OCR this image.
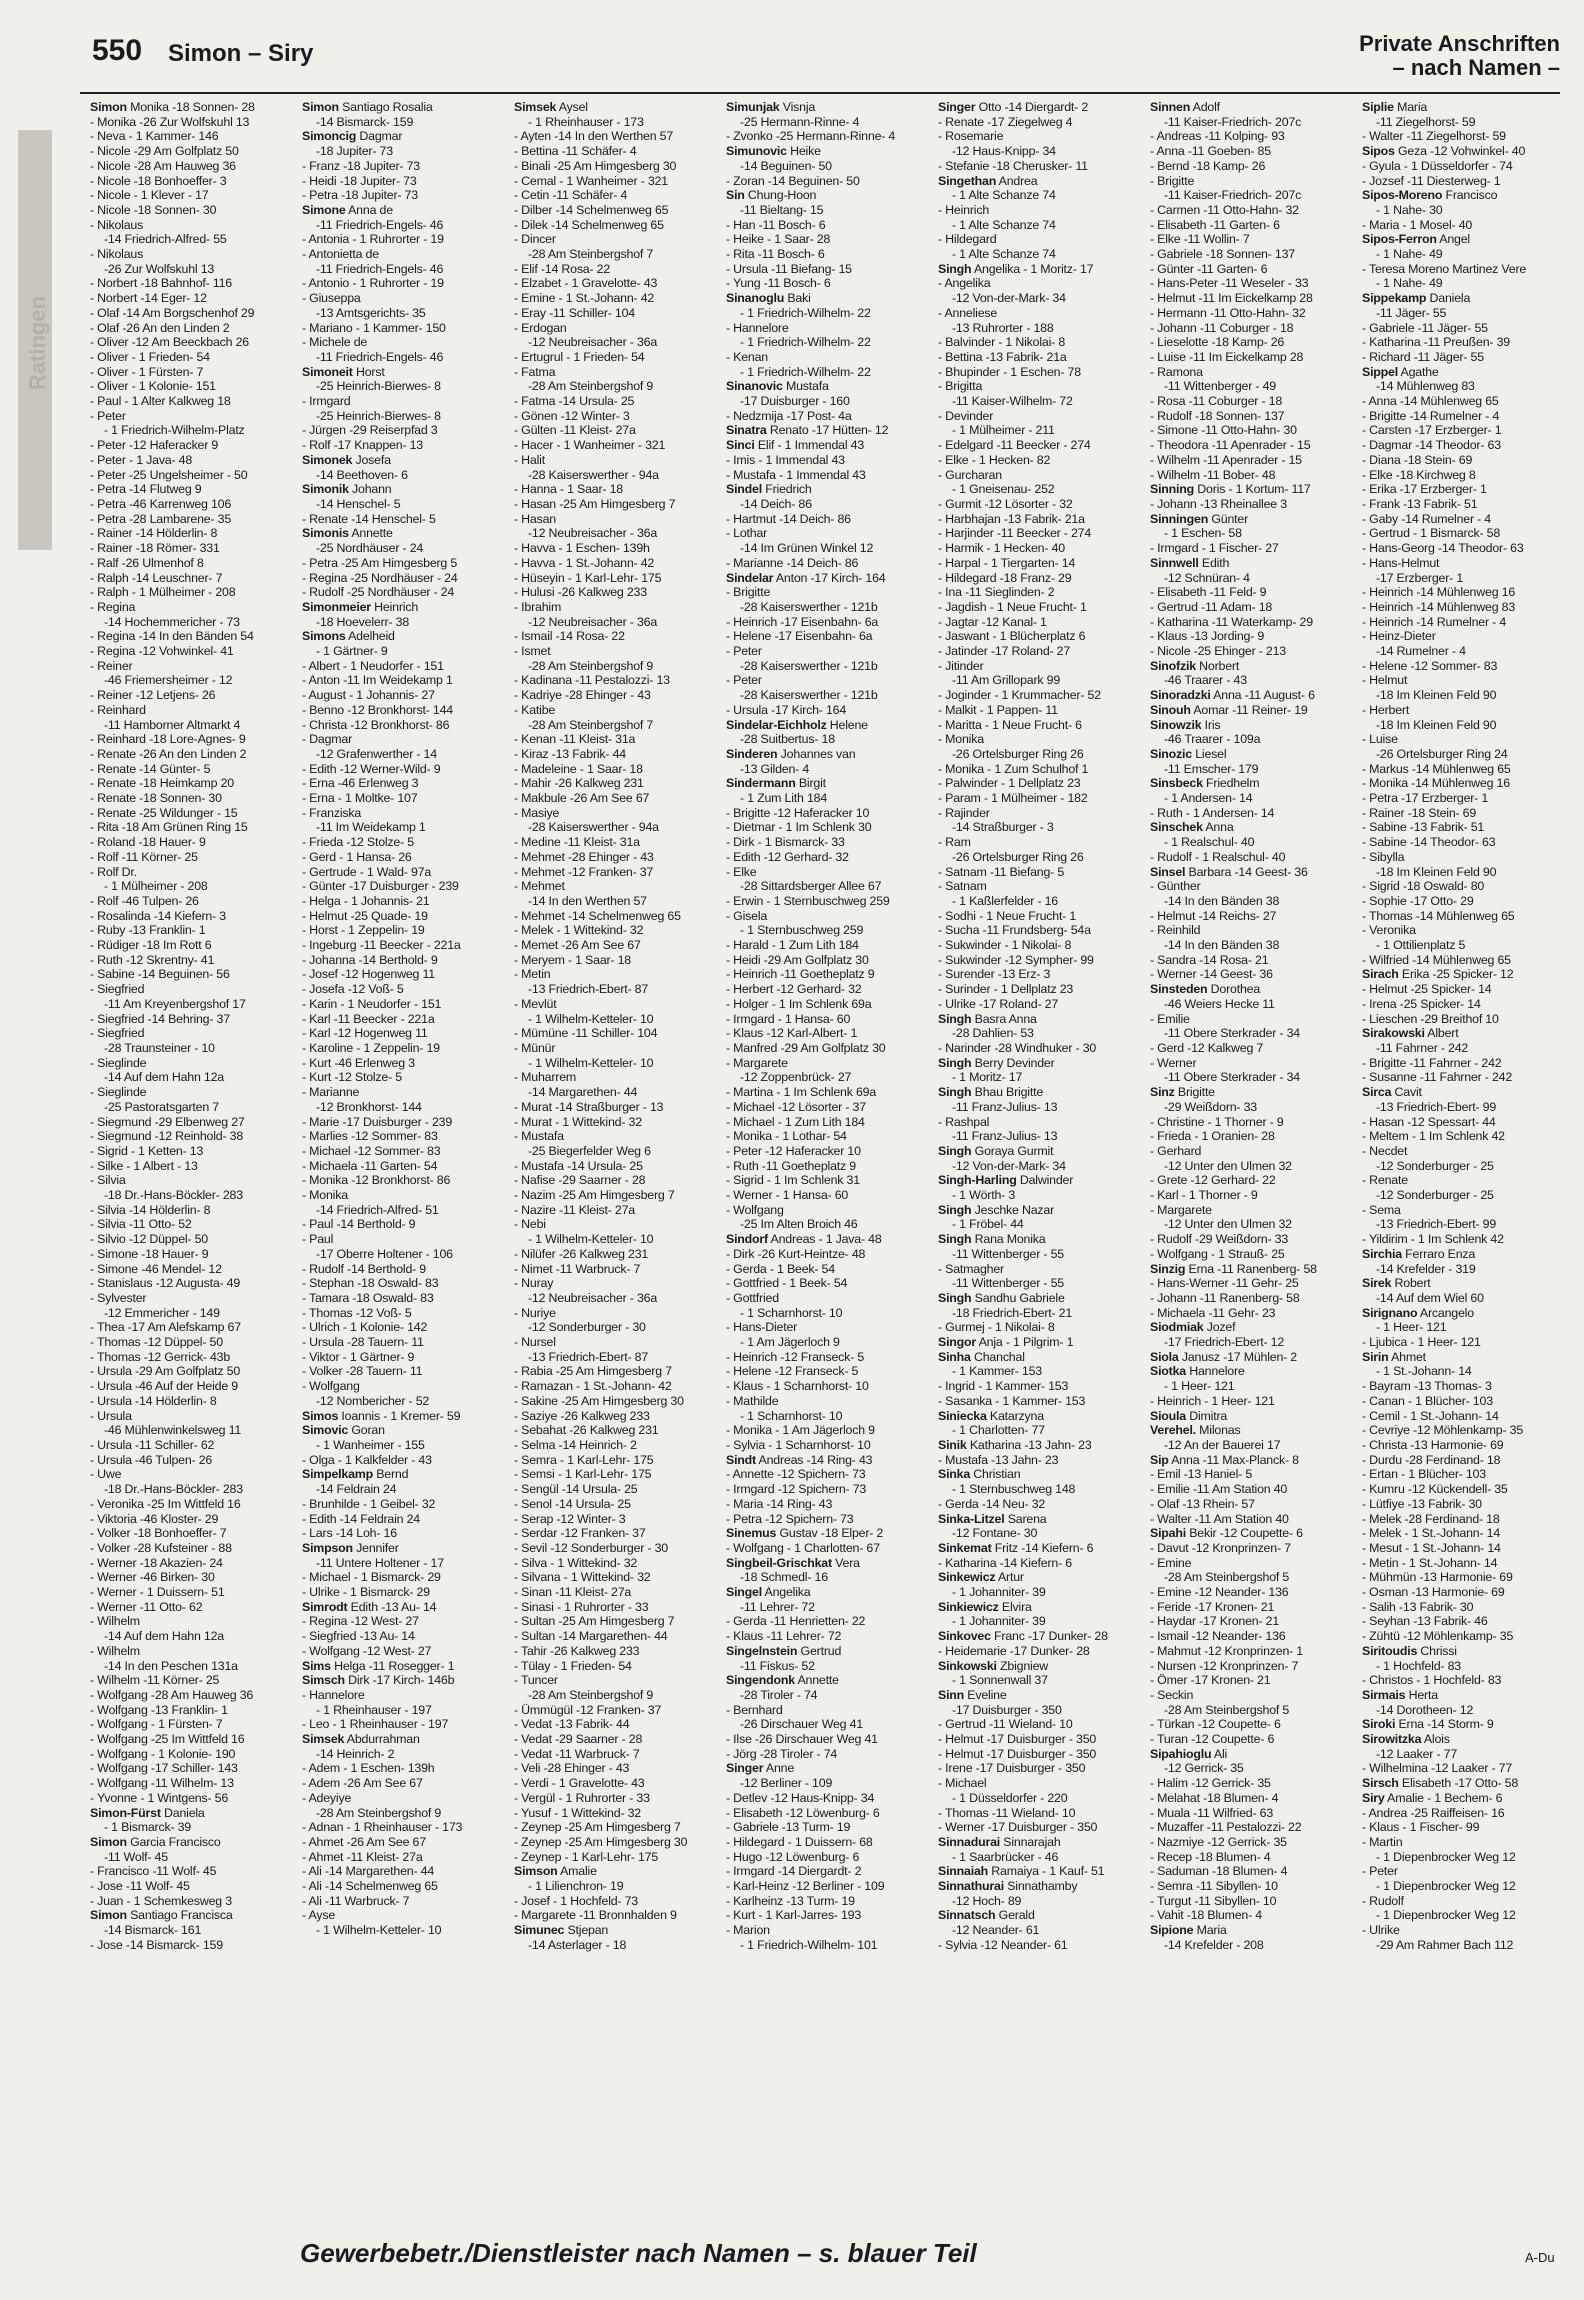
550 Simon – Siry	Private Anschriften
– nach Namen –
Ratingen
Simon Monika -18 Sonnen- 28
- Monika -26 Zur Wolfskuhl 13
- Neva - 1 Kammer- 146
- Nicole -29 Am Golfplatz 50
- Nicole -28 Am Hauweg 36
- Nicole -18 Bonhoeffer- 3
- Nicole - 1 Klever - 17
- Nicole -18 Sonnen- 30
- Nikolaus
-14 Friedrich-Alfred- 55
- Nikolaus
-26 Zur Wolfskuhl 13
- Norbert -18 Bahnhof- 116
- Norbert -14 Eger- 12
- Olaf -14 Am Borgschenhof 29
- Olaf -26 An den Linden 2
- Oliver -12 Am Beeckbach 26
- Oliver - 1 Frieden- 54
- Oliver - 1 Fürsten- 7
- Oliver - 1 Kolonie- 151
- Paul - 1 Alter Kalkweg 18
- Peter
- 1 Friedrich-Wilhelm-Platz
- Peter -12 Haferacker 9
- Peter - 1 Java- 48
- Peter -25 Ungelsheimer - 50
- Petra -14 Flutweg 9
- Petra -46 Karrenweg 106
- Petra -28 Lambarene- 35
- Rainer -14 Hölderlin- 8
- Rainer -18 Römer- 331
- Ralf -26 Ulmenhof 8
- Ralph -14 Leuschner- 7
- Ralph - 1 Mülheimer - 208
- Regina
-14 Hochemmericher - 73
- Regina -14 In den Bänden 54
- Regina -12 Vohwinkel- 41
- Reiner
-46 Friemersheimer - 12
- Reiner -12 Letjens- 26
- Reinhard
-11 Hamborner Altmarkt 4
- Reinhard -18 Lore-Agnes- 9
- Renate -26 An den Linden 2
- Renate -14 Günter- 5
- Renate -18 Heimkamp 20
- Renate -18 Sonnen- 30
- Renate -25 Wildunger - 15
- Rita -18 Am Grünen Ring 15
- Roland -18 Hauer- 9
- Rolf -11 Körner- 25
- Rolf Dr.
- 1 Mülheimer - 208
- Rolf -46 Tulpen- 26
- Rosalinda -14 Kiefern- 3
- Ruby -13 Franklin- 1
- Rüdiger -18 Im Rott 6
- Ruth -12 Skrentny- 41
- Sabine -14 Beguinen- 56
- Siegfried
-11 Am Kreyenbergshof 17
- Siegfried -14 Behring- 37
- Siegfried
-28 Traunsteiner - 10
- Sieglinde
-14 Auf dem Hahn 12a
- Sieglinde
-25 Pastoratsgarten 7
- Siegmund -29 Elbenweg 27
- Siegmund -12 Reinhold- 38
- Sigrid - 1 Ketten- 13
- Silke - 1 Albert - 13
- Silvia
-18 Dr.-Hans-Böckler- 283
- Silvia -14 Hölderlin- 8
- Silvia -11 Otto- 52
- Silvio -12 Düppel- 50
- Simone -18 Hauer- 9
- Simone -46 Mendel- 12
- Stanislaus -12 Augusta- 49
- Sylvester
-12 Emmericher - 149
- Thea -17 Am Alefskamp 67
- Thomas -12 Düppel- 50
- Thomas -12 Gerrick- 43b
- Ursula -29 Am Golfplatz 50
- Ursula -46 Auf der Heide 9
- Ursula -14 Hölderlin- 8
- Ursula
-46 Mühlenwinkelsweg 11
- Ursula -11 Schiller- 62
- Ursula -46 Tulpen- 26
- Uwe
-18 Dr.-Hans-Böckler- 283
- Veronika -25 Im Wittfeld 16
- Viktoria -46 Kloster- 29
- Volker -18 Bonhoeffer- 7
- Volker -28 Kufsteiner - 88
- Werner -18 Akazien- 24
- Werner -46 Birken- 30
- Werner - 1 Duissern- 51
- Werner -11 Otto- 62
- Wilhelm
-14 Auf dem Hahn 12a
- Wilhelm
-14 In den Peschen 131a
- Wilhelm -11 Körner- 25
- Wolfgang -28 Am Hauweg 36
- Wolfgang -13 Franklin- 1
- Wolfgang - 1 Fürsten- 7
- Wolfgang -25 Im Wittfeld 16
- Wolfgang - 1 Kolonie- 190
- Wolfgang -17 Schiller- 143
- Wolfgang -11 Wilhelm- 13
- Yvonne - 1 Wintgens- 56
Simon-Fürst Daniela
- 1 Bismarck- 39
Simon Garcia Francisco
-11 Wolf- 45
- Francisco -11 Wolf- 45
- Jose -11 Wolf- 45
- Juan - 1 Schemkesweg 3
Simon Santiago Francisca
-14 Bismarck- 161
- Jose -14 Bismarck- 159
Simon Santiago Rosalia
-14 Bismarck- 159
Simoncig Dagmar
-18 Jupiter- 73
- Franz -18 Jupiter- 73
- Heidi -18 Jupiter- 73
- Petra -18 Jupiter- 73
Simone Anna de
-11 Friedrich-Engels- 46
- Antonia - 1 Ruhrorter - 19
- Antonietta de
-11 Friedrich-Engels- 46
- Antonio - 1 Ruhrorter - 19
- Giuseppa
-13 Amtsgerichts- 35
- Mariano - 1 Kammer- 150
- Michele de
-11 Friedrich-Engels- 46
Simoneit Horst
-25 Heinrich-Bierwes- 8
- Irmgard
-25 Heinrich-Bierwes- 8
- Jürgen -29 Reiserpfad 3
- Rolf -17 Knappen- 13
Simonek Josefa
-14 Beethoven- 6
Simonik Johann
-14 Henschel- 5
- Renate -14 Henschel- 5
Simonis Annette
-25 Nordhäuser - 24
- Petra -25 Am Himgesberg 5
- Regina -25 Nordhäuser - 24
- Rudolf -25 Nordhäuser - 24
Simonmeier Heinrich
-18 Hoevelerr- 38
Simons Adelheid
- 1 Gärtner- 9
- Albert - 1 Neudorfer - 151
- Anton -11 Im Weidekamp 1
- August - 1 Johannis- 27
- Benno -12 Bronkhorst- 144
- Christa -12 Bronkhorst- 86
- Dagmar
-12 Grafenwerther - 14
- Edith -12 Werner-Wild- 9
- Erna -46 Erlenweg 3
- Erna - 1 Moltke- 107
- Franziska
-11 Im Weidekamp 1
- Frieda -12 Stolze- 5
- Gerd - 1 Hansa- 26
- Gertrude - 1 Wald- 97a
- Günter -17 Duisburger - 239
- Helga - 1 Johannis- 21
- Helmut -25 Quade- 19
- Horst - 1 Zeppelin- 19
- Ingeburg -11 Beecker - 221a
- Johanna -14 Berthold- 9
- Josef -12 Hogenweg 11
- Josefa -12 Voß- 5
- Karin - 1 Neudorfer - 151
- Karl -11 Beecker - 221a
- Karl -12 Hogenweg 11
- Karoline - 1 Zeppelin- 19
- Kurt -46 Erlenweg 3
- Kurt -12 Stolze- 5
- Marianne
-12 Bronkhorst- 144
- Marie -17 Duisburger - 239
- Marlies -12 Sommer- 83
- Michael -12 Sommer- 83
- Michaela -11 Garten- 54
- Monika -12 Bronkhorst- 86
- Monika
-14 Friedrich-Alfred- 51
- Paul -14 Berthold- 9
- Paul
-17 Oberre Holtener - 106
- Rudolf -14 Berthold- 9
- Stephan -18 Oswald- 83
- Tamara -18 Oswald- 83
- Thomas -12 Voß- 5
- Ulrich - 1 Kolonie- 142
- Ursula -28 Tauern- 11
- Viktor - 1 Gärtner- 9
- Volker -28 Tauern- 11
- Wolfgang
-12 Nombericher - 52
Simos Ioannis - 1 Kremer- 59
Simovic Goran
- 1 Wanheimer - 155
- Olga - 1 Kalkfelder - 43
Simpelkamp Bernd
-14 Feldrain 24
- Brunhilde - 1 Geibel- 32
- Edith -14 Feldrain 24
- Lars -14 Loh- 16
Simpson Jennifer
-11 Untere Holtener - 17
- Michael - 1 Bismarck- 29
- Ulrike - 1 Bismarck- 29
Simrodt Edith -13 Au- 14
- Regina -12 West- 27
- Siegfried -13 Au- 14
- Wolfgang -12 West- 27
Sims Helga -11 Rosegger- 1
Simsch Dirk -17 Kirch- 146b
- Hannelore
- 1 Rheinhauser - 197
- Leo - 1 Rheinhauser - 197
Simsek Abdurrahman
-14 Heinrich- 2
- Adem - 1 Eschen- 139h
- Adem -26 Am See 67
- Adeyiye
-28 Am Steinbergshof 9
- Adnan - 1 Rheinhauser - 173
- Ahmet -26 Am See 67
- Ahmet -11 Kleist- 27a
- Ali -14 Margarethen- 44
- Ali -14 Schelmenweg 65
- Ali -11 Warbruck- 7
- Ayse
- 1 Wilhelm-Ketteler- 10
Simsek Aysel
- 1 Rheinhauser - 173
- Ayten -14 In den Werthen 57
- Bettina -11 Schäfer- 4
- Binali -25 Am Himgesberg 30
- Cemal - 1 Wanheimer - 321
- Cetin -11 Schäfer- 4
- Dilber -14 Schelmenweg 65
- Dilek -14 Schelmenweg 65
- Dincer
-28 Am Steinbergshof 7
- Elif -14 Rosa- 22
- Elzabet - 1 Gravelotte- 43
- Emine - 1 St.-Johann- 42
- Eray -11 Schiller- 104
- Erdogan
-12 Neubreisacher - 36a
- Ertugrul - 1 Frieden- 54
- Fatma
-28 Am Steinbergshof 9
- Fatma -14 Ursula- 25
- Gönen -12 Winter- 3
- Gülten -11 Kleist- 27a
- Hacer - 1 Wanheimer - 321
- Halit
-28 Kaiserswerther - 94a
- Hanna - 1 Saar- 18
- Hasan -25 Am Himgesberg 7
- Hasan
-12 Neubreisacher - 36a
- Havva - 1 Eschen- 139h
- Havva - 1 St.-Johann- 42
- Hüseyin - 1 Karl-Lehr- 175
- Hulusi -26 Kalkweg 233
- Ibrahim
-12 Neubreisacher - 36a
- Ismail -14 Rosa- 22
- Ismet
-28 Am Steinbergshof 9
- Kadinana -11 Pestalozzi- 13
- Kadriye -28 Ehinger - 43
- Katibe
-28 Am Steinbergshof 7
- Kenan -11 Kleist- 31a
- Kiraz -13 Fabrik- 44
- Madeleine - 1 Saar- 18
- Mahir -26 Kalkweg 231
- Makbule -26 Am See 67
- Masiye
-28 Kaiserswerther - 94a
- Medine -11 Kleist- 31a
- Mehmet -28 Ehinger - 43
- Mehmet -12 Franken- 37
- Mehmet
-14 In den Werthen 57
- Mehmet -14 Schelmenweg 65
- Melek - 1 Wittekind- 32
- Memet -26 Am See 67
- Meryem - 1 Saar- 18
- Metin
-13 Friedrich-Ebert- 87
- Mevlüt
- 1 Wilhelm-Ketteler- 10
- Mümüne -11 Schiller- 104
- Münür
- 1 Wilhelm-Ketteler- 10
- Muharrem
-14 Margarethen- 44
- Murat -14 Straßburger - 13
- Murat - 1 Wittekind- 32
- Mustafa
-25 Biegerfelder Weg 6
- Mustafa -14 Ursula- 25
- Nafise -29 Saarner - 28
- Nazim -25 Am Himgesberg 7
- Nazire -11 Kleist- 27a
- Nebi
- 1 Wilhelm-Ketteler- 10
- Nilüfer -26 Kalkweg 231
- Nimet -11 Warbruck- 7
- Nuray
-12 Neubreisacher - 36a
- Nuriye
-12 Sonderburger - 30
- Nursel
-13 Friedrich-Ebert- 87
- Rabia -25 Am Himgesberg 7
- Ramazan - 1 St.-Johann- 42
- Sakine -25 Am Himgesberg 30
- Saziye -26 Kalkweg 233
- Sebahat -26 Kalkweg 231
- Selma -14 Heinrich- 2
- Semra - 1 Karl-Lehr- 175
- Semsi - 1 Karl-Lehr- 175
- Sengül -14 Ursula- 25
- Senol -14 Ursula- 25
- Serap -12 Winter- 3
- Serdar -12 Franken- 37
- Sevil -12 Sonderburger - 30
- Silva - 1 Wittekind- 32
- Silvana - 1 Wittekind- 32
- Sinan -11 Kleist- 27a
- Sinasi - 1 Ruhrorter - 33
- Sultan -25 Am Himgesberg 7
- Sultan -14 Margarethen- 44
- Tahir -26 Kalkweg 233
- Tülay - 1 Frieden- 54
- Tuncer
-28 Am Steinbergshof 9
- Ümmügül -12 Franken- 37
- Vedat -13 Fabrik- 44
- Vedat -29 Saarner - 28
- Vedat -11 Warbruck- 7
- Veli -28 Ehinger - 43
- Verdi - 1 Gravelotte- 43
- Vergül - 1 Ruhrorter - 33
- Yusuf - 1 Wittekind- 32
- Zeynep -25 Am Himgesberg 7
- Zeynep -25 Am Himgesberg 30
- Zeynep - 1 Karl-Lehr- 175
Simson Amalie
- 1 Lilienchron- 19
- Josef - 1 Hochfeld- 73
- Margarete -11 Bronnhalden 9
Simunec Stjepan
-14 Asterlager - 18
Simunjak Visnja
-25 Hermann-Rinne- 4
- Zvonko -25 Hermann-Rinne- 4
Simunovic Heike
-14 Beguinen- 50
- Zoran -14 Beguinen- 50
Sin Chung-Hoon
-11 Bieltang- 15
- Han -11 Bosch- 6
- Heike - 1 Saar- 28
- Rita -11 Bosch- 6
- Ursula -11 Biefang- 15
- Yung -11 Bosch- 6
Sinanoglu Baki
- 1 Friedrich-Wilhelm- 22
- Hannelore
- 1 Friedrich-Wilhelm- 22
- Kenan
- 1 Friedrich-Wilhelm- 22
Sinanovic Mustafa
-17 Duisburger - 160
- Nedzmija -17 Post- 4a
Sinatra Renato -17 Hütten- 12
Sinci Elif - 1 Immendal 43
- Imis - 1 Immendal 43
- Mustafa - 1 Immendal 43
Sindel Friedrich
-14 Deich- 86
- Hartmut -14 Deich- 86
- Lothar
-14 Im Grünen Winkel 12
- Marianne -14 Deich- 86
Sindelar Anton -17 Kirch- 164
- Brigitte
-28 Kaiserswerther - 121b
- Heinrich -17 Eisenbahn- 6a
- Helene -17 Eisenbahn- 6a
- Peter
-28 Kaiserswerther - 121b
- Peter
-28 Kaiserswerther - 121b
- Ursula -17 Kirch- 164
Sindelar-Eichholz Helene
-28 Suitbertus- 18
Sinderen Johannes van
-13 Gilden- 4
Sindermann Birgit
- 1 Zum Lith 184
- Brigitte -12 Haferacker 10
- Dietmar - 1 Im Schlenk 30
- Dirk - 1 Bismarck- 33
- Edith -12 Gerhard- 32
- Elke
-28 Sittardsberger Allee 67
- Erwin - 1 Sternbuschweg 259
- Gisela
- 1 Sternbuschweg 259
- Harald - 1 Zum Lith 184
- Heidi -29 Am Golfplatz 30
- Heinrich -11 Goetheplatz 9
- Herbert -12 Gerhard- 32
- Holger - 1 Im Schlenk 69a
- Irmgard - 1 Hansa- 60
- Klaus -12 Karl-Albert- 1
- Manfred -29 Am Golfplatz 30
- Margarete
-12 Zoppenbrück- 27
- Martina - 1 Im Schlenk 69a
- Michael -12 Lösorter - 37
- Michael - 1 Zum Lith 184
- Monika - 1 Lothar- 54
- Peter -12 Haferacker 10
- Ruth -11 Goetheplatz 9
- Sigrid - 1 Im Schlenk 31
- Werner - 1 Hansa- 60
- Wolfgang
-25 Im Alten Broich 46
Sindorf Andreas - 1 Java- 48
- Dirk -26 Kurt-Heintze- 48
- Gerda - 1 Beek- 54
- Gottfried - 1 Beek- 54
- Gottfried
- 1 Scharnhorst- 10
- Hans-Dieter
- 1 Am Jägerloch 9
- Heinrich -12 Franseck- 5
- Helene -12 Franseck- 5
- Klaus - 1 Scharnhorst- 10
- Mathilde
- 1 Scharnhorst- 10
- Monika - 1 Am Jägerloch 9
- Sylvia - 1 Scharnhorst- 10
Sindt Andreas -14 Ring- 43
- Annette -12 Spichern- 73
- Irmgard -12 Spichern- 73
- Maria -14 Ring- 43
- Petra -12 Spichern- 73
Sinemus Gustav -18 Elper- 2
- Wolfgang - 1 Charlotten- 67
Singbeil-Grischkat Vera
-18 Schmedl- 16
Singel Angelika
-11 Lehrer- 72
- Gerda -11 Henrietten- 22
- Klaus -11 Lehrer- 72
Singelnstein Gertrud
-11 Fiskus- 52
Singendonk Annette
-28 Tiroler - 74
- Bernhard
-26 Dirschauer Weg 41
- Ilse -26 Dirschauer Weg 41
- Jörg -28 Tiroler - 74
Singer Anne
-12 Berliner - 109
- Detlev -12 Haus-Knipp- 34
- Elisabeth -12 Löwenburg- 6
- Gabriele -13 Turm- 19
- Hildegard - 1 Duissern- 68
- Hugo -12 Löwenburg- 6
- Irmgard -14 Diergardt- 2
- Karl-Heinz -12 Berliner - 109
- Karlheinz -13 Turm- 19
- Kurt - 1 Karl-Jarres- 193
- Marion
- 1 Friedrich-Wilhelm- 101
Singer Otto -14 Diergardt- 2
- Renate -17 Ziegelweg 4
- Rosemarie
-12 Haus-Knipp- 34
- Stefanie -18 Cherusker- 11
Singethan Andrea
- 1 Alte Schanze 74
- Heinrich
- 1 Alte Schanze 74
- Hildegard
- 1 Alte Schanze 74
Singh Angelika - 1 Moritz- 17
- Angelika
-12 Von-der-Mark- 34
- Anneliese
-13 Ruhrorter - 188
- Balvinder - 1 Nikolai- 8
- Bettina -13 Fabrik- 21a
- Bhupinder - 1 Eschen- 78
- Brigitta
-11 Kaiser-Wilhelm- 72
- Devinder
- 1 Mülheimer - 211
- Edelgard -11 Beecker - 274
- Elke - 1 Hecken- 82
- Gurcharan
- 1 Gneisenau- 252
- Gurmit -12 Lösorter - 32
- Harbhajan -13 Fabrik- 21a
- Harjinder -11 Beecker - 274
- Harmik - 1 Hecken- 40
- Harpal - 1 Tiergarten- 14
- Hildegard -18 Franz- 29
- Ina -11 Sieglinden- 2
- Jagdish - 1 Neue Frucht- 1
- Jagtar -12 Kanal- 1
- Jaswant - 1 Blücherplatz 6
- Jatinder -17 Roland- 27
- Jitinder
-11 Am Grillopark 99
- Joginder - 1 Krummacher- 52
- Malkit - 1 Pappen- 11
- Maritta - 1 Neue Frucht- 6
- Monika
-26 Ortelsburger Ring 26
- Monika - 1 Zum Schulhof 1
- Palwinder - 1 Dellplatz 23
- Param - 1 Mülheimer - 182
- Rajinder
-14 Straßburger - 3
- Ram
-26 Ortelsburger Ring 26
- Satnam -11 Biefang- 5
- Satnam
- 1 Kaßlerfelder - 16
- Sodhi - 1 Neue Frucht- 1
- Sucha -11 Frundsberg- 54a
- Sukwinder - 1 Nikolai- 8
- Sukwinder -12 Sympher- 99
- Surender -13 Erz- 3
- Surinder - 1 Dellplatz 23
- Ulrike -17 Roland- 27
Singh Basra Anna
-28 Dahlien- 53
- Narinder -28 Windhuker - 30
Singh Berry Devinder
- 1 Moritz- 17
Singh Bhau Brigitte
-11 Franz-Julius- 13
- Rashpal
-11 Franz-Julius- 13
Singh Goraya Gurmit
-12 Von-der-Mark- 34
Singh-Harling Dalwinder
- 1 Wörth- 3
Singh Jeschke Nazar
- 1 Fröbel- 44
Singh Rana Monika
-11 Wittenberger - 55
- Satmagher
-11 Wittenberger - 55
Singh Sandhu Gabriele
-18 Friedrich-Ebert- 21
- Gurmej - 1 Nikolai- 8
Singor Anja - 1 Pilgrim- 1
Sinha Chanchal
- 1 Kammer- 153
- Ingrid - 1 Kammer- 153
- Sasanka - 1 Kammer- 153
Siniecka Katarzyna
- 1 Charlotten- 77
Sinik Katharina -13 Jahn- 23
- Mustafa -13 Jahn- 23
Sinka Christian
- 1 Sternbuschweg 148
- Gerda -14 Neu- 32
Sinka-Litzel Sarena
-12 Fontane- 30
Sinkemat Fritz -14 Kiefern- 6
- Katharina -14 Kiefern- 6
Sinkewicz Artur
- 1 Johanniter- 39
Sinkiewicz Elvira
- 1 Johanniter- 39
Sinkovec Franc -17 Dunker- 28
- Heidemarie -17 Dunker- 28
Sinkowski Zbigniew
- 1 Sonnenwall 37
Sinn Eveline
-17 Duisburger - 350
- Gertrud -11 Wieland- 10
- Helmut -17 Duisburger - 350
- Helmut -17 Duisburger - 350
- Irene -17 Duisburger - 350
- Michael
- 1 Düsseldorfer - 220
- Thomas -11 Wieland- 10
- Werner -17 Duisburger - 350
Sinnadurai Sinnarajah
- 1 Saarbrücker - 46
Sinnaiah Ramaiya - 1 Kauf- 51
Sinnathurai Sinnathamby
-12 Hoch- 89
Sinnatsch Gerald
-12 Neander- 61
- Sylvia -12 Neander- 61
Sinnen Adolf
-11 Kaiser-Friedrich- 207c
- Andreas -11 Kolping- 93
- Anna -11 Goeben- 85
- Bernd -18 Kamp- 26
- Brigitte
-11 Kaiser-Friedrich- 207c
- Carmen -11 Otto-Hahn- 32
- Elisabeth -11 Garten- 6
- Elke -11 Wollin- 7
- Gabriele -18 Sonnen- 137
- Günter -11 Garten- 6
- Hans-Peter -11 Weseler - 33
- Helmut -11 Im Eickelkamp 28
- Hermann -11 Otto-Hahn- 32
- Johann -11 Coburger - 18
- Lieselotte -18 Kamp- 26
- Luise -11 Im Eickelkamp 28
- Ramona
-11 Wittenberger - 49
- Rosa -11 Coburger - 18
- Rudolf -18 Sonnen- 137
- Simone -11 Otto-Hahn- 30
- Theodora -11 Apenrader - 15
- Wilhelm -11 Apenrader - 15
- Wilhelm -11 Bober- 48
Sinning Doris - 1 Kortum- 117
- Johann -13 Rheinallee 3
Sinningen Günter
- 1 Eschen- 58
- Irmgard - 1 Fischer- 27
Sinnwell Edith
-12 Schnüran- 4
- Elisabeth -11 Feld- 9
- Gertrud -11 Adam- 18
- Katharina -11 Waterkamp- 29
- Klaus -13 Jording- 9
- Nicole -25 Ehinger - 213
Sinofzik Norbert
-46 Traarer - 43
Sinoradzki Anna -11 August- 6
Sinouh Aomar -11 Reiner- 19
Sinowzik Iris
-46 Traarer - 109a
Sinozic Liesel
-11 Emscher- 179
Sinsbeck Friedhelm
- 1 Andersen- 14
- Ruth - 1 Andersen- 14
Sinschek Anna
- 1 Realschul- 40
- Rudolf - 1 Realschul- 40
Sinsel Barbara -14 Geest- 36
- Günther
-14 In den Bänden 38
- Helmut -14 Reichs- 27
- Reinhild
-14 In den Bänden 38
- Sandra -14 Rosa- 21
- Werner -14 Geest- 36
Sinsteden Dorothea
-46 Weiers Hecke 11
- Emilie
-11 Obere Sterkrader - 34
- Gerd -12 Kalkweg 7
- Werner
-11 Obere Sterkrader - 34
Sinz Brigitte
-29 Weißdorn- 33
- Christine - 1 Thorner - 9
- Frieda - 1 Oranien- 28
- Gerhard
-12 Unter den Ulmen 32
- Grete -12 Gerhard- 22
- Karl - 1 Thorner - 9
- Margarete
-12 Unter den Ulmen 32
- Rudolf -29 Weißdorn- 33
- Wolfgang - 1 Strauß- 25
Sinzig Erna -11 Ranenberg- 58
- Hans-Werner -11 Gehr- 25
- Johann -11 Ranenberg- 58
- Michaela -11 Gehr- 23
Siodmiak Jozef
-17 Friedrich-Ebert- 12
Siola Janusz -17 Mühlen- 2
Siotka Hannelore
- 1 Heer- 121
- Heinrich - 1 Heer- 121
Sioula Dimitra
Verehel. Milonas
-12 An der Bauerei 17
Sip Anna -11 Max-Planck- 8
- Emil -13 Haniel- 5
- Emilie -11 Am Station 40
- Olaf -13 Rhein- 57
- Walter -11 Am Station 40
Sipahi Bekir -12 Coupette- 6
- Davut -12 Kronprinzen- 7
- Emine
-28 Am Steinbergshof 5
- Emine -12 Neander- 136
- Feride -17 Kronen- 21
- Haydar -17 Kronen- 21
- Ismail -12 Neander- 136
- Mahmut -12 Kronprinzen- 1
- Nursen -12 Kronprinzen- 7
- Ömer -17 Kronen- 21
- Seckin
-28 Am Steinbergshof 5
- Türkan -12 Coupette- 6
- Turan -12 Coupette- 6
Sipahioglu Ali
-12 Gerrick- 35
- Halim -12 Gerrick- 35
- Melahat -18 Blumen- 4
- Muala -11 Wilfried- 63
- Muzaffer -11 Pestalozzi- 22
- Nazmiye -12 Gerrick- 35
- Recep -18 Blumen- 4
- Saduman -18 Blumen- 4
- Semra -11 Sibyllen- 10
- Turgut -11 Sibyllen- 10
- Vahit -18 Blumen- 4
Sipione Maria
-14 Krefelder - 208
Siplie Maria
-11 Ziegelhorst- 59
- Walter -11 Ziegelhorst- 59
Sipos Geza -12 Vohwinkel- 40
- Gyula - 1 Düsseldorfer - 74
- Jozsef -11 Diesterweg- 1
Sipos-Moreno Francisco
- 1 Nahe- 30
- Maria - 1 Mosel- 40
Sipos-Ferron Angel
- 1 Nahe- 49
- Teresa Moreno Martinez Vere
- 1 Nahe- 49
Sippekamp Daniela
-11 Jäger- 55
- Gabriele -11 Jäger- 55
- Katharina -11 Preußen- 39
- Richard -11 Jäger- 55
Sippel Agathe
-14 Mühlenweg 83
- Anna -14 Mühlenweg 65
- Brigitte -14 Rumelner - 4
- Carsten -17 Erzberger- 1
- Dagmar -14 Theodor- 63
- Diana -18 Stein- 69
- Elke -18 Kirchweg 8
- Erika -17 Erzberger- 1
- Frank -13 Fabrik- 51
- Gaby -14 Rumelner - 4
- Gertrud - 1 Bismarck- 58
- Hans-Georg -14 Theodor- 63
- Hans-Helmut
-17 Erzberger- 1
- Heinrich -14 Mühlenweg 16
- Heinrich -14 Mühlenweg 83
- Heinrich -14 Rumelner - 4
- Heinz-Dieter
-14 Rumelner - 4
- Helene -12 Sommer- 83
- Helmut
-18 Im Kleinen Feld 90
- Herbert
-18 Im Kleinen Feld 90
- Luise
-26 Ortelsburger Ring 24
- Markus -14 Mühlenweg 65
- Monika -14 Mühlenweg 16
- Petra -17 Erzberger- 1
- Rainer -18 Stein- 69
- Sabine -13 Fabrik- 51
- Sabine -14 Theodor- 63
- Sibylla
-18 Im Kleinen Feld 90
- Sigrid -18 Oswald- 80
- Sophie -17 Otto- 29
- Thomas -14 Mühlenweg 65
- Veronika
- 1 Ottilienplatz 5
- Wilfried -14 Mühlenweg 65
Sirach Erika -25 Spicker- 12
- Helmut -25 Spicker- 14
- Irena -25 Spicker- 14
- Lieschen -29 Breithof 10
Sirakowski Albert
-11 Fahrner - 242
- Brigitte -11 Fahrner - 242
- Susanne -11 Fahrner - 242
Sirca Cavit
-13 Friedrich-Ebert- 99
- Hasan -12 Spessart- 44
- Meltem - 1 Im Schlenk 42
- Necdet
-12 Sonderburger - 25
- Renate
-12 Sonderburger - 25
- Sema
-13 Friedrich-Ebert- 99
- Yildirim - 1 Im Schlenk 42
Sirchia Ferraro Enza
-14 Krefelder - 319
Sirek Robert
-14 Auf dem Wiel 60
Sirignano Arcangelo
- 1 Heer- 121
- Ljubica - 1 Heer- 121
Sirin Ahmet
- 1 St.-Johann- 14
- Bayram -13 Thomas- 3
- Canan - 1 Blücher- 103
- Cemil - 1 St.-Johann- 14
- Cevriye -12 Möhlenkamp- 35
- Christa -13 Harmonie- 69
- Durdu -28 Ferdinand- 18
- Ertan - 1 Blücher- 103
- Kumru -12 Kückendell- 35
- Lütfiye -13 Fabrik- 30
- Melek -28 Ferdinand- 18
- Melek - 1 St.-Johann- 14
- Mesut - 1 St.-Johann- 14
- Metin - 1 St.-Johann- 14
- Mühmün -13 Harmonie- 69
- Osman -13 Harmonie- 69
- Salih -13 Fabrik- 30
- Seyhan -13 Fabrik- 46
- Zühtü -12 Möhlenkamp- 35
Siritoudis Chrissi
- 1 Hochfeld- 83
- Christos - 1 Hochfeld- 83
Sirmais Herta
-14 Dorotheen- 12
Siroki Erna -14 Storm- 9
Sirowitzka Alois
-12 Laaker - 77
- Wilhelmina -12 Laaker - 77
Sirsch Elisabeth -17 Otto- 58
Siry Amalie - 1 Bechem- 6
- Andrea -25 Raiffeisen- 16
- Klaus - 1 Fischer- 99
- Martin
- 1 Diepenbrocker Weg 12
- Peter
- 1 Diepenbrocker Weg 12
- Rudolf
- 1 Diepenbrocker Weg 12
- Ulrike
-29 Am Rahmer Bach 112
Gewerbebetr./Dienstleister nach Namen – s. blauer Teil	A-Du
